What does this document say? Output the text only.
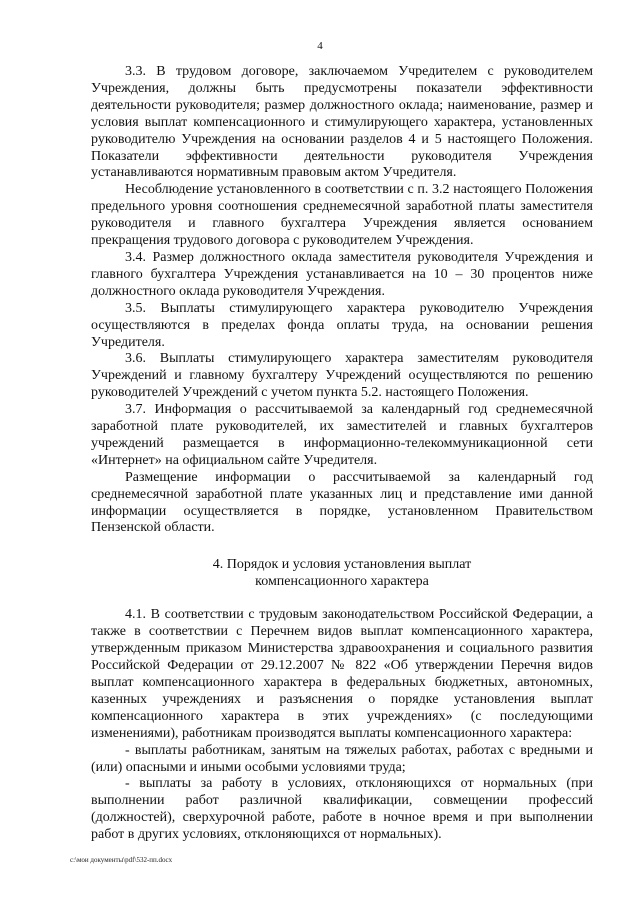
4

3.3. В трудовом договоре, заключаемом Учредителем с руководителем Учреждения, должны быть предусмотрены показатели эффективности деятельности руководителя; размер должностного оклада; наименование, размер и условия выплат компенсационного и стимулирующего характера, установленных руководителю Учреждения на основании разделов 4 и 5 настоящего Положения. Показатели эффективности деятельности руководителя Учреждения устанавливаются нормативным правовым актом Учредителя.

Несоблюдение установленного в соответствии с п. 3.2 настоящего Положения предельного уровня соотношения среднемесячной заработной платы заместителя руководителя и главного бухгалтера Учреждения является основанием прекращения трудового договора с руководителем Учреждения.

3.4. Размер должностного оклада заместителя руководителя Учреждения и главного бухгалтера Учреждения устанавливается на 10 – 30 процентов ниже должностного оклада руководителя Учреждения.

3.5. Выплаты стимулирующего характера руководителю Учреждения осуществляются в пределах фонда оплаты труда, на основании решения Учредителя.

3.6. Выплаты стимулирующего характера заместителям руководителя Учреждений и главному бухгалтеру Учреждений осуществляются по решению руководителей Учреждений с учетом пункта 5.2. настоящего Положения.

3.7. Информация о рассчитываемой за календарный год среднемесячной заработной плате руководителей, их заместителей и главных бухгалтеров учреждений размещается в информационно-телекоммуникационной сети «Интернет» на официальном сайте Учредителя.

Размещение информации о рассчитываемой за календарный год среднемесячной заработной плате указанных лиц и представление ими данной информации осуществляется в порядке, установленном Правительством Пензенской области.

4. Порядок и условия установления выплат
компенсационного характера

4.1. В соответствии с трудовым законодательством Российской Федерации, а также в соответствии с Перечнем видов выплат компенсационного характера, утвержденным приказом Министерства здравоохранения и социального развития Российской Федерации от 29.12.2007 № 822 «Об утверждении Перечня видов выплат компенсационного характера в федеральных бюджетных, автономных, казенных учреждениях и разъяснения о порядке установления выплат компенсационного характера в этих учреждениях» (с последующими изменениями), работникам производятся выплаты компенсационного характера:

- выплаты работникам, занятым на тяжелых работах, работах с вредными и (или) опасными и иными особыми условиями труда;

- выплаты за работу в условиях, отклоняющихся от нормальных (при выполнении работ различной квалификации, совмещении профессий (должностей), сверхурочной работе, работе в ночное время и при выполнении работ в других условиях, отклоняющихся от нормальных).

c:\мои документы\pdf\532-пп.docx
